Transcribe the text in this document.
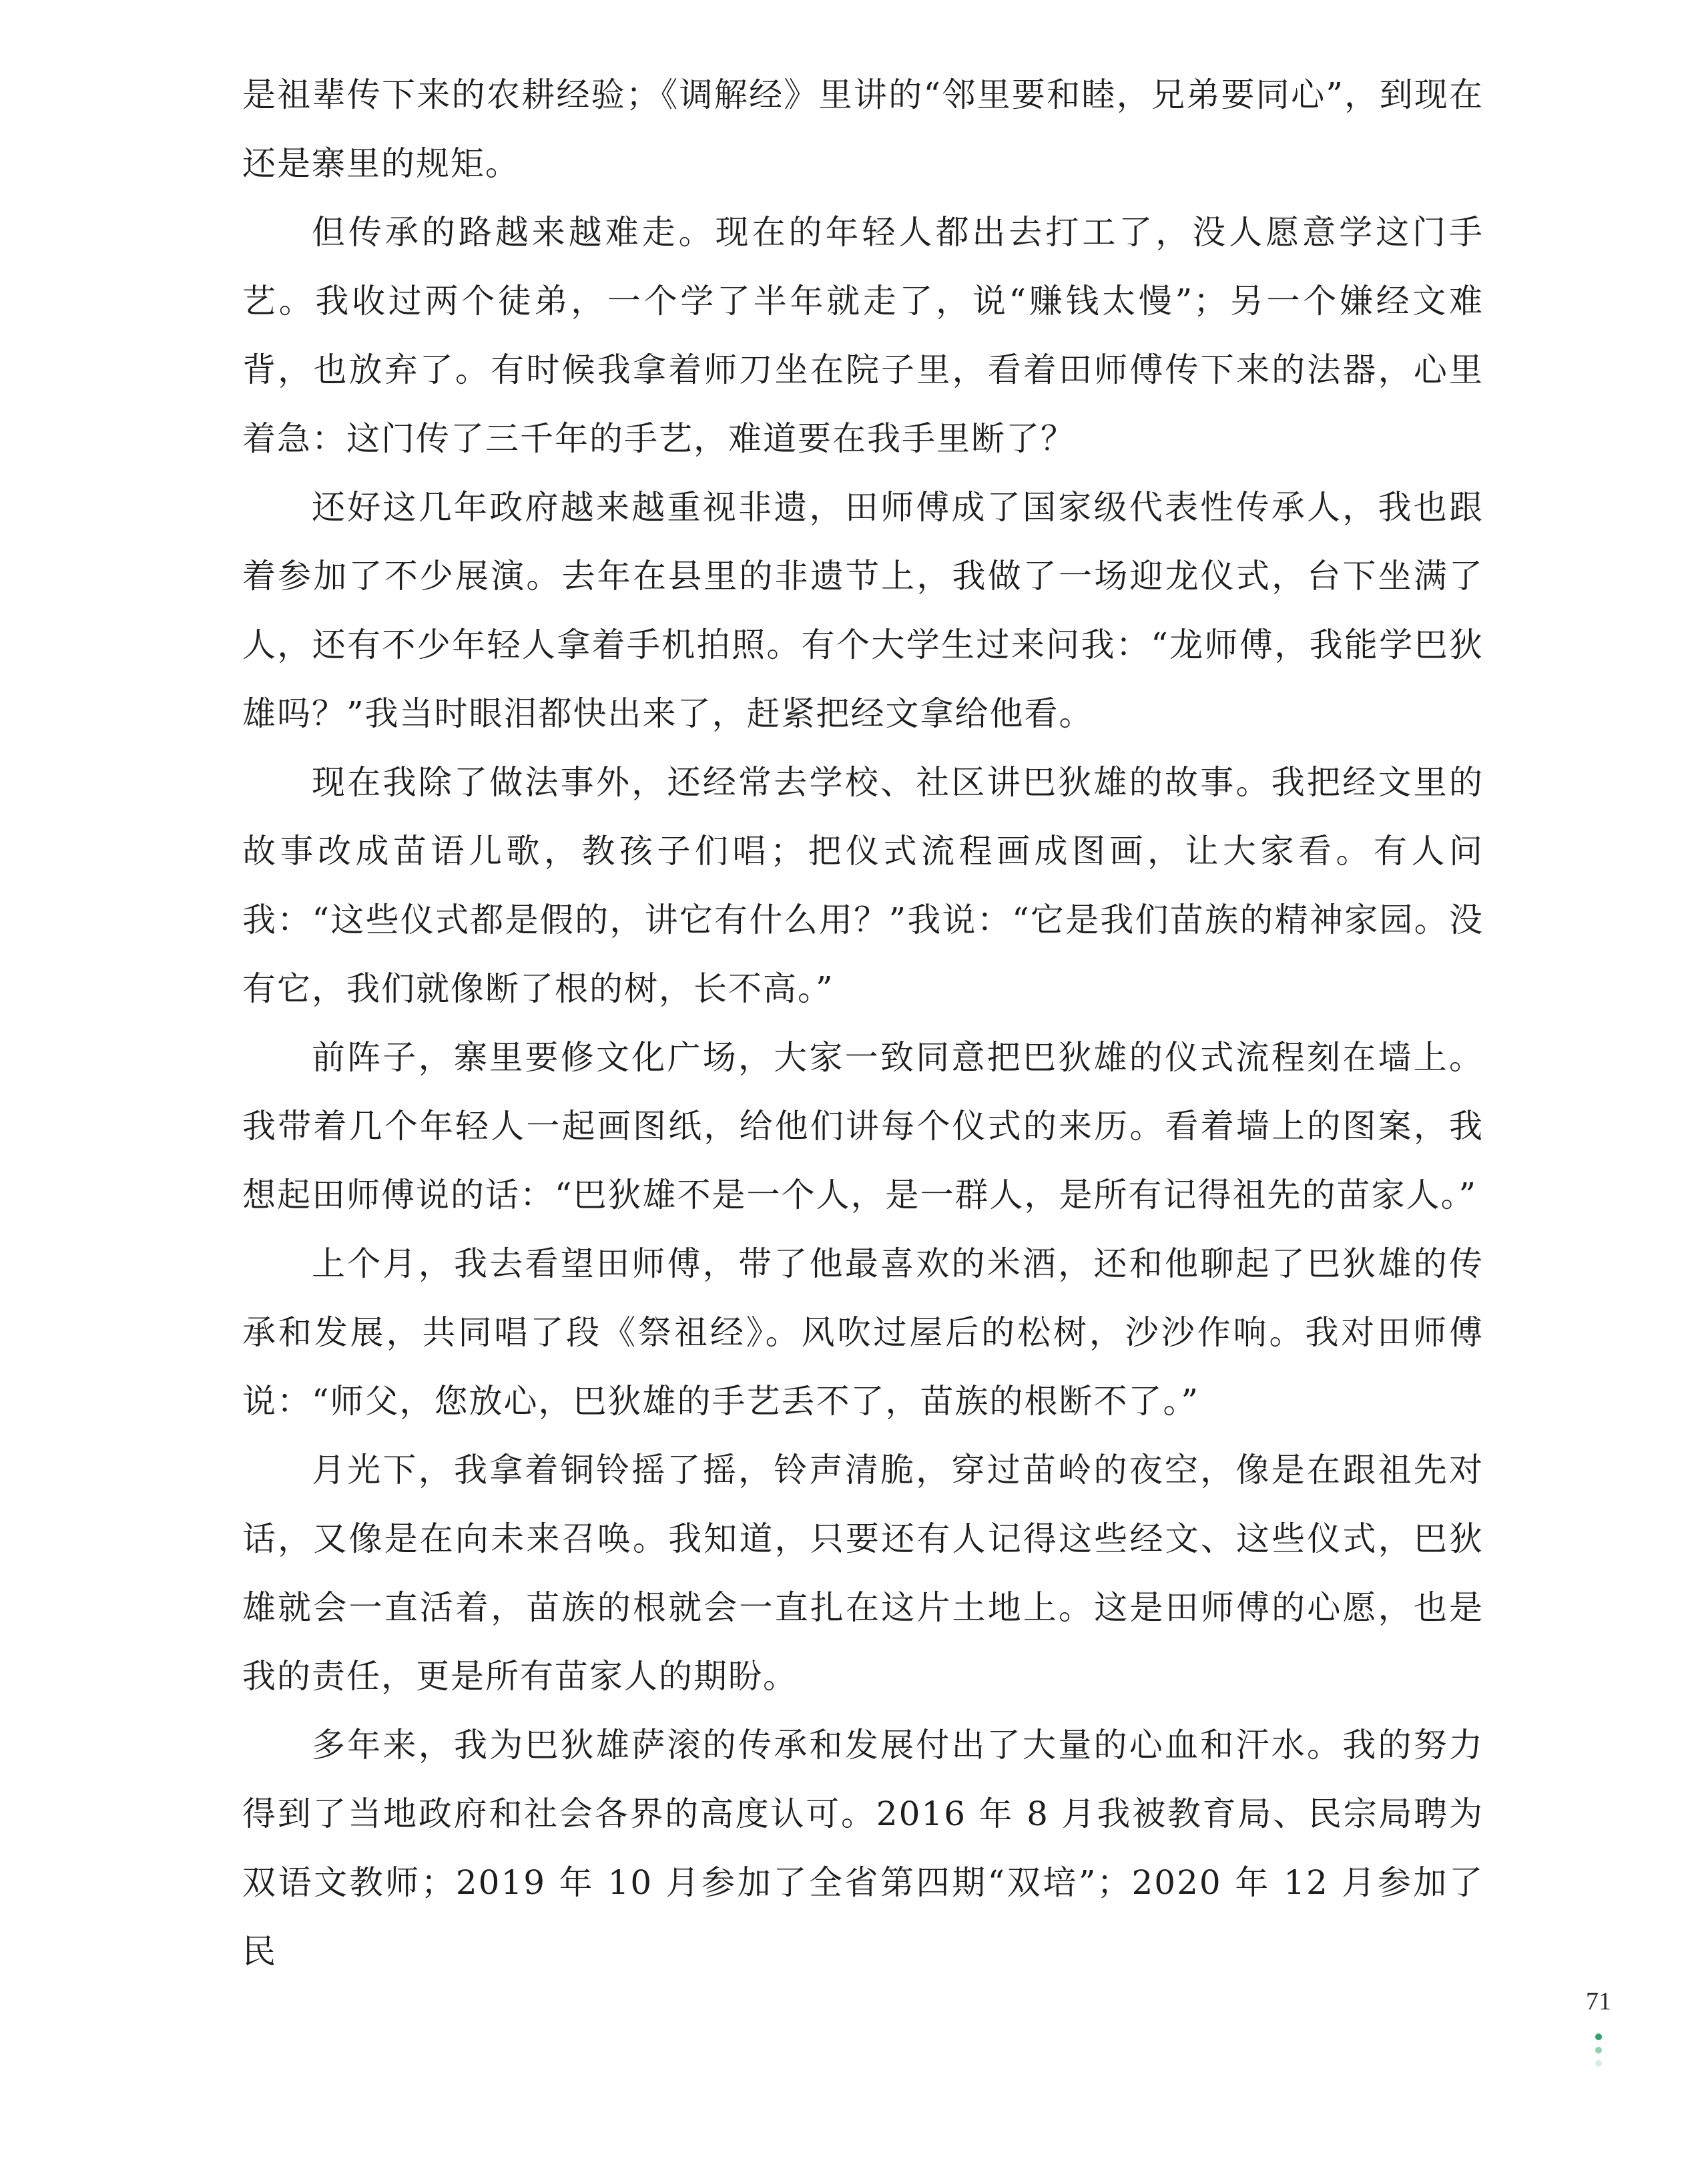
是祖辈传下来的农耕经验；《调解经》里讲的“邻里要和睦，兄弟要同心”，到现在还是寨里的规矩。

但传承的路越来越难走。现在的年轻人都出去打工了，没人愿意学这门手艺。我收过两个徒弟，一个学了半年就走了，说“赚钱太慢”；另一个嫌经文难背，也放弃了。有时候我拿着师刀坐在院子里，看着田师傅传下来的法器，心里着急：这门传了三千年的手艺，难道要在我手里断了？

还好这几年政府越来越重视非遗，田师傅成了国家级代表性传承人，我也跟着参加了不少展演。去年在县里的非遗节上，我做了一场迎龙仪式，台下坐满了人，还有不少年轻人拿着手机拍照。有个大学生过来问我：“龙师傅，我能学巴狄雄吗？”我当时眼泪都快出来了，赶紧把经文拿给他看。

现在我除了做法事外，还经常去学校、社区讲巴狄雄的故事。我把经文里的故事改成苗语儿歌，教孩子们唱；把仪式流程画成图画，让大家看。有人问我：“这些仪式都是假的，讲它有什么用？”我说：“它是我们苗族的精神家园。没有它，我们就像断了根的树，长不高。”

前阵子，寨里要修文化广场，大家一致同意把巴狄雄的仪式流程刻在墙上。我带着几个年轻人一起画图纸，给他们讲每个仪式的来历。看着墙上的图案，我想起田师傅说的话：“巴狄雄不是一个人，是一群人，是所有记得祖先的苗家人。”

上个月，我去看望田师傅，带了他最喜欢的米酒，还和他聊起了巴狄雄的传承和发展，共同唱了段《祭祖经》。风吹过屋后的松树，沙沙作响。我对田师傅说：“师父，您放心，巴狄雄的手艺丢不了，苗族的根断不了。”

月光下，我拿着铜铃摇了摇，铃声清脆，穿过苗岭的夜空，像是在跟祖先对话，又像是在向未来召唤。我知道，只要还有人记得这些经文、这些仪式，巴狄雄就会一直活着，苗族的根就会一直扎在这片土地上。这是田师傅的心愿，也是我的责任，更是所有苗家人的期盼。

多年来，我为巴狄雄萨滚的传承和发展付出了大量的心血和汗水。我的努力得到了当地政府和社会各界的高度认可。2016 年 8 月我被教育局、民宗局聘为双语文教师；2019 年 10 月参加了全省第四期“双培”；2020 年 12 月参加了民

71
